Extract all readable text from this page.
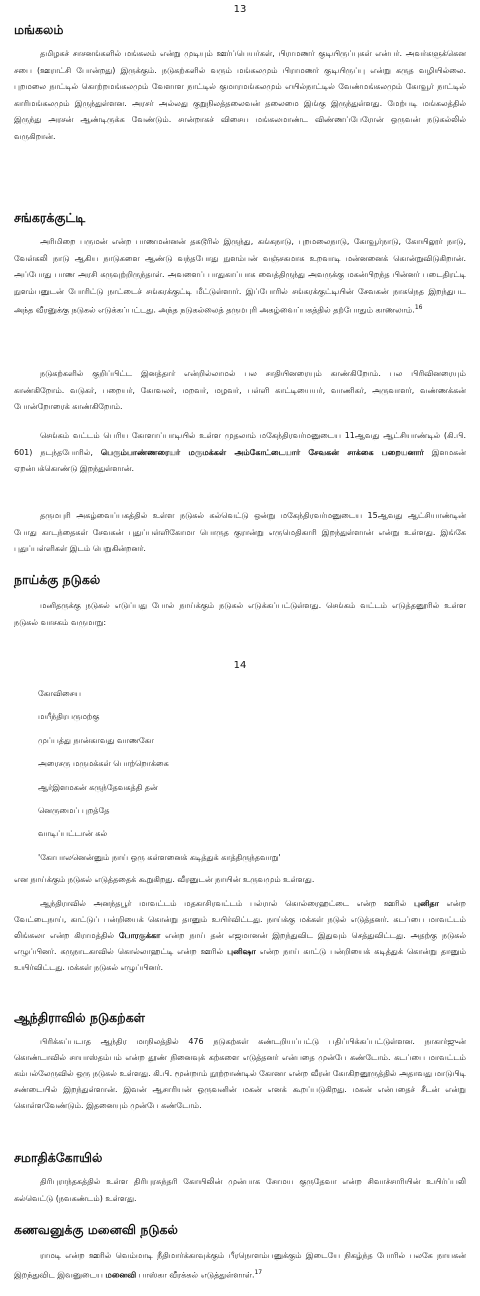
13
மங்கலம்

தமிழகச் சாசனங்களில் மங்கலம் என்று முடியும் ஊர்ப்பெயர்கள், பிராமணர் குடியிருப்புகள் என்பர். அவர்களுக்கென சபை (ஊராட்சி போன்றது) இருக்கும். நடுகற்களில் வரும் மங்கலமும் பிராமணர் குடியிருப்பு என்று கருத வழியில்லை. புறமலை நாட்டில் கொற்றமங்கலமும் வேளாள நாட்டில் குமாரமங்கலமும் எயில்நாட்டில் வேண்மங்கலமும் கோவூர் நாட்டில் காரிமங்கலமும் இருந்துள்ளன. அரசர் அல்லது குறுநிலத்தலைவன் தலைமை இங்கு இருந்துள்ளது. மேற்படி மங்கலத்தில் இருந்து அரசன் ஆண்டிருக்க வேண்டும். சான்றாகச் விசைய மங்கலமாண்ட விண்ணப்பேரோன் ஒருவன் நடுகல்லில் வருகிறான்.

சங்கரக்குட்டி

அரிமிறை பருமன் என்ற பாணமன்னன் தகடூரில் இருந்து, கங்கநாடு, புறமலைநாடு, கோவூர்நாடு, கோயிலூர் நாடு, வேள்கலி நாடு ஆகிய நாடுகளை ஆண்டு வந்தபோது நுளம்பன் வஞ்சகமாக உறவாடி மன்னனைக் கொன்றுவிடுகிறான். அப்போது பாண அரசி கருவுற்றிருந்தாள். அவளைப் பாதுகாப்பாக வைத்திருந்து அவருக்கு மகன்பிறந்த பின்னர் படைதிரட்டி நுளம்பனுடன் போரிட்டு நாட்டைச் சங்கரக்குட்டி மீட்டுள்ளார். இப்போரில் சங்கரக்குட்டியின் சேவகன் நாகநெத இறந்துபட அந்த வீரனுக்கு நடுகல் எடுக்கப்பட்டது. அந்த நடுகல்லைத் தருமபுரி அகழ்வைப்பகத்தில் தற்போதும் காணலாம்.$^{16}$

நடுகற்களில் குறிப்பிட்ட இனத்தார் என்றில்லாமல் பல சாதியினரையும் காண்கிறோம். பல பிரிவினரையும் காண்கிறோம். வடுகர், பறையர், கோவலர், மறவர், மழவர், பள்ளி காட்டியையர், வாணிகர், அருவாளர், வண்ணக்கன் போன்றோரைக் காண்கிறோம்.

செங்கம் வட்டம் பெரிய கோளாப்பாடியில் உள்ள முதலாம் மகேந்திரவர்மனுடைய 11ஆவது ஆட்சியாண்டில் (கி.பி. 601) நடந்தபோரில், பெரும்பாண்ணரையர் மருமக்கள் அம்கோட்டையார் சேவகன் சாக்கை பறையனார் இளமகன் ஏறன்பக்கொண்டு இறந்துள்ளான்.

தருமபுரி அகழ்வைப்பகத்தில் உள்ள நடுகல் கல்வெட்டு ஒன்று மகேந்திரவர்மனுடைய 15ஆவது ஆட்சியாண்டின் போது காடந்தைகள் சேவகன் புதுப்பள்ளிகோமா பொருத குரான்று எருமெதிகாரி இறந்துள்ளான் என்று உள்ளது. இங்கே புதுப்பள்ளிகள் இடம் பெறுகின்றனர்.

நாய்க்கு நடுகல்

மனிதருக்கு நடுகல் எடுப்பது போல் நாய்க்கும் நடுகல் எடுக்கப்பட்டுள்ளது. செங்கம் வட்டம் எடுத்தனூரில் உள்ள நடுகல் வாசகம் வருமாறு:

14
கோவிசைய
மயீந்திரபருமற்கு
முப்பத்து நான்காவது வாணகோ
அரைசரு மருமக்கள் பொற்றொக்கை
ஆர்இளமகன் கருந்தேவகத்தி தன்
னெருமைப் புறத்தே
வாடிப்பட்டான் கல்
'கோபாலனென்னும் நாய் ஒரு கள்ளனைக் கடித்துக் காத்திருந்தவாறு'

என நாய்க்கும் நடுகல் எடுத்ததைக் கூறுகிறது. வீரனுடன் நாயின் உருவமும் உள்ளது.

ஆந்திராவில் அனந்தபூர் மாவட்டம் மதகாசிரவட்டம் பல்ரால் கொல்ரைஹட்டை என்ற ஊரில் புனிதா என்ற வேட்டைநாய், காட்டுப் பன்றியைக் கொன்று தானும் உயிர்விட்டது. நாய்க்கு மக்கள் நடுல் எடுத்தனர். கடப்பை மாவட்டம் லிங்கலா என்ற கிராமத்தில் போரகுக்கா என்ற நாய் தன் எஜமானன் இறந்துவிட இதுவும் செத்துவிட்டது. அதற்கு நடுகல் எழுப்பினர். கருநாடகாவில் கொல்லாஹட்டி என்ற ஊரில் புனிஷா என்ற நாய் காட்டு பன்றியைக் கடித்துக் கொன்று தானும் உயிர்விட்டது. மக்கள் நடுகல் எழுப்பினர்.

ஆந்திராவில் நடுகற்கள்

பிரிக்கப்படாத ஆந்திர மாநிலத்தில் 476 நடுகற்கள் கண்டறியப்பட்டு பதிப்பிக்கப்பட்டுள்ளன. நாகார்ஜுன் கொண்டாவில் சாயாஸ்தம்பம் என்ற தூண் நினைவுக் கற்களை எடுத்தனர் என்பதை முன்பே கண்டோம். கடப்பை மாவட்டம் கம்பல்லேருவில் ஒரு நடுகல் உள்ளது. கி.பி. மூன்றாம் நூற்றாண்டில் கோனா என்ற வீரன் கோகிறனூருத்தில் அதாவது மாடுபிடி சண்டையில் இறந்துள்ளான். இவன் ஆசாரியன் ஒருவனின் மகன் எனக் கூறப்படுகிறது. மகன் என்பதைச் சீடன் என்று கொள்ளவேண்டும். இதனையும் முன்பே கண்டோம்.

சமாதிக்கோயில்

திரிபுராந்தகத்தில் உள்ள திரிபுரசுந்தரி கோயிலின் முன்பாக சோமய குருதேவா என்ற சிவாச்சாரியின் உயிர்ப்பலி கல்வெட்டு (நவகண்டம்) உள்ளது.

கணவனுக்கு மனைவி நடுகல்

ராமடி என்ற ஊரில் வெம்மாடி நீதிமார்க்காவுக்கும் பீரநொளம்பனுக்கும் இடையே நிகழ்ந்த போரில் பலகே நாயகன் இறந்துவிட இவனுடைய மனைவி பாஸ்கா வீரக்கல் எடுத்துள்ளாள்.$^{17}$
